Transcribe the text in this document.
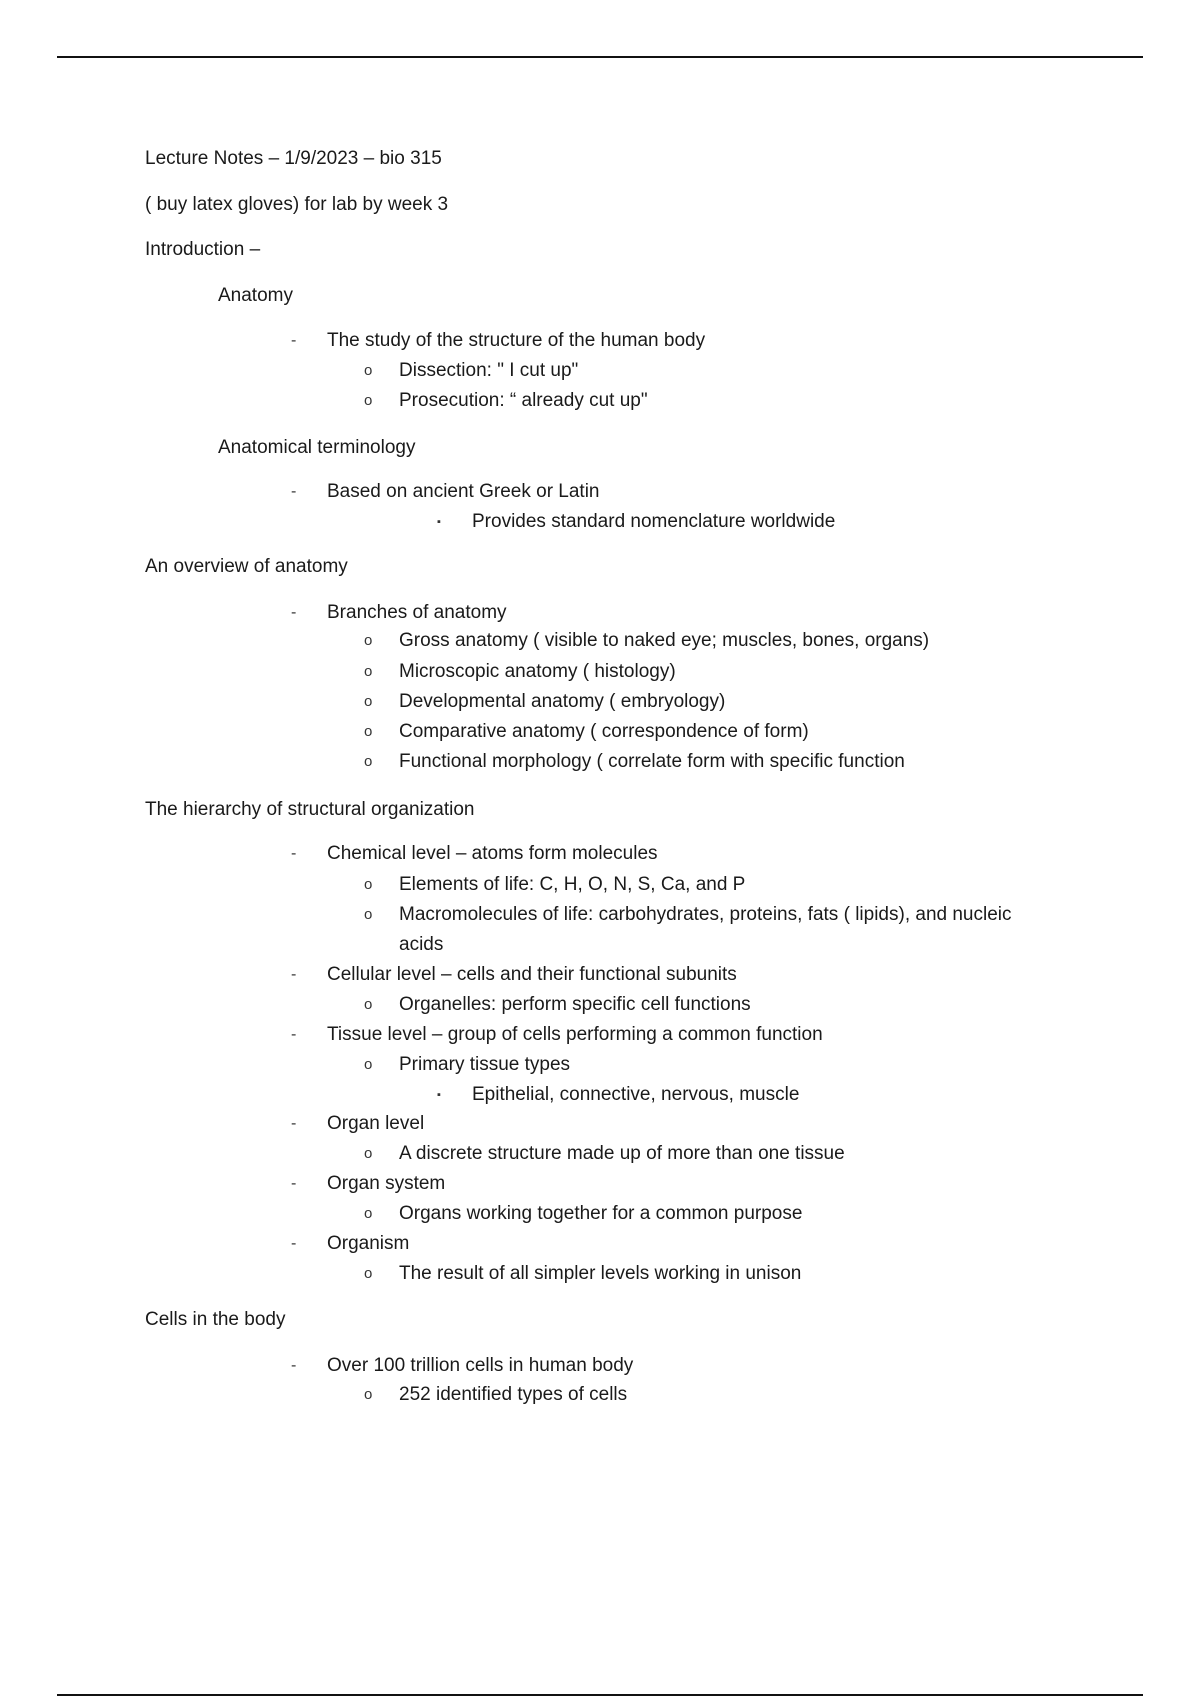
Lecture Notes – 1/9/2023 – bio 315
( buy latex gloves) for lab by week 3
Introduction –
Anatomy
- The study of the structure of the human body
o Dissection: " I cut up"
o Prosecution: “ already cut up"
Anatomical terminology
- Based on ancient Greek or Latin
▪ Provides standard nomenclature worldwide
An overview of anatomy
- Branches of anatomy
o Gross anatomy ( visible to naked eye; muscles, bones, organs)
o Microscopic anatomy ( histology)
o Developmental anatomy ( embryology)
o Comparative anatomy ( correspondence of form)
o Functional morphology ( correlate form with specific function
The hierarchy of structural organization
- Chemical level – atoms form molecules
o Elements of life: C, H, O, N, S, Ca, and P
o Macromolecules of life: carbohydrates, proteins, fats ( lipids), and nucleic
acids
- Cellular level – cells and their functional subunits
o Organelles: perform specific cell functions
- Tissue level – group of cells performing a common function
o Primary tissue types
▪ Epithelial, connective, nervous, muscle
- Organ level
o A discrete structure made up of more than one tissue
- Organ system
o Organs working together for a common purpose
- Organism
o The result of all simpler levels working in unison
Cells in the body
- Over 100 trillion cells in human body
o 252 identified types of cells
